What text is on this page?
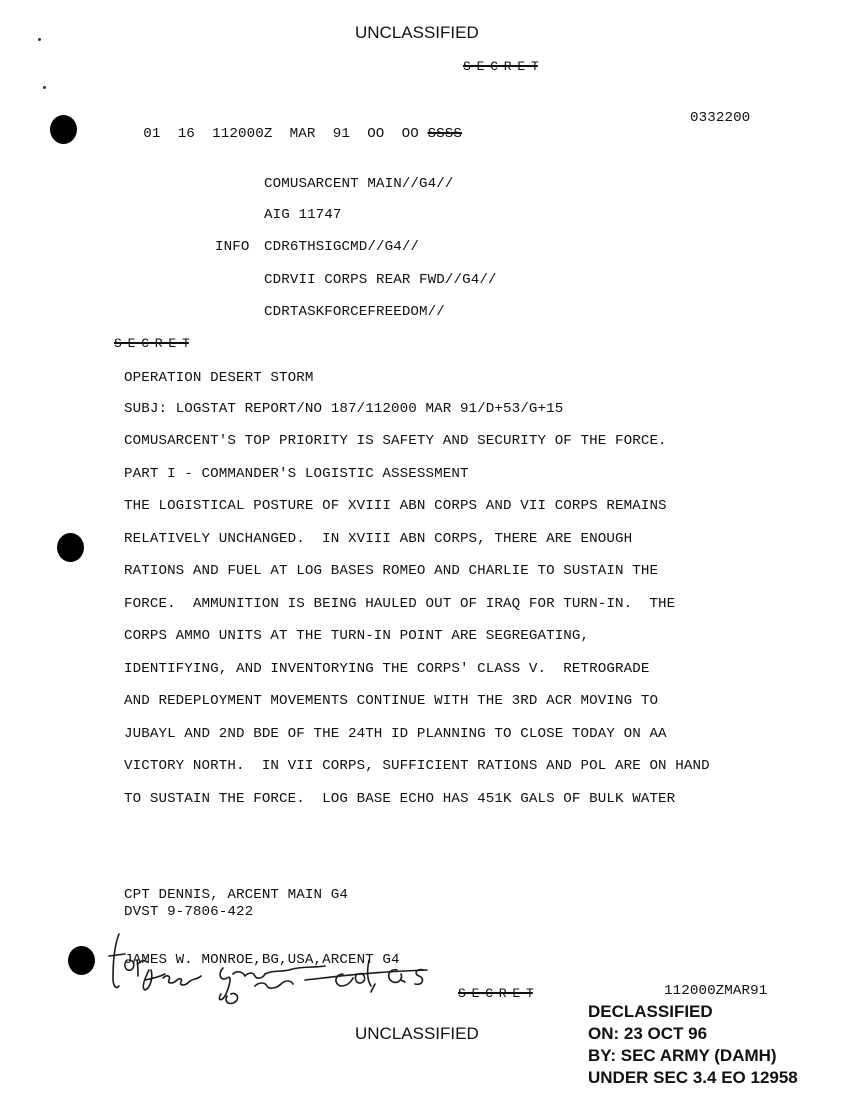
UNCLASSIFIED
S E C R E T

01  16  112000Z  MAR  91  OO  OO SSSS

0332200
COMUSARCENT MAIN//G4//
AIG 11747
INFO CDR6THSIGCMD//G4//
CDRVII CORPS REAR FWD//G4//
CDRTASKFORCEFREEDOM//
S E C R E T
OPERATION DESERT STORM
SUBJ: LOGSTAT REPORT/NO 187/112000 MAR 91/D+53/G+15
COMUSARCENT'S TOP PRIORITY IS SAFETY AND SECURITY OF THE FORCE.
PART I - COMMANDER'S LOGISTIC ASSESSMENT
THE LOGISTICAL POSTURE OF XVIII ABN CORPS AND VII CORPS REMAINS
RELATIVELY UNCHANGED.  IN XVIII ABN CORPS, THERE ARE ENOUGH
RATIONS AND FUEL AT LOG BASES ROMEO AND CHARLIE TO SUSTAIN THE
FORCE.  AMMUNITION IS BEING HAULED OUT OF IRAQ FOR TURN-IN.  THE
CORPS AMMO UNITS AT THE TURN-IN POINT ARE SEGREGATING,
IDENTIFYING, AND INVENTORYING THE CORPS' CLASS V.  RETROGRADE
AND REDEPLOYMENT MOVEMENTS CONTINUE WITH THE 3RD ACR MOVING TO
JUBAYL AND 2ND BDE OF THE 24TH ID PLANNING TO CLOSE TODAY ON AA
VICTORY NORTH.  IN VII CORPS, SUFFICIENT RATIONS AND POL ARE ON HAND
TO SUSTAIN THE FORCE.  LOG BASE ECHO HAS 451K GALS OF BULK WATER
CPT DENNIS, ARCENT MAIN G4
DVST 9-7806-422
JAMES W. MONROE,BG,USA,ARCENT G4
S E C R E T	112000ZMAR91
UNCLASSIFIED
DECLASSIFIED
ON: 23 OCT 96
BY: SEC ARMY (DAMH)
UNDER SEC 3.4 EO 12958
